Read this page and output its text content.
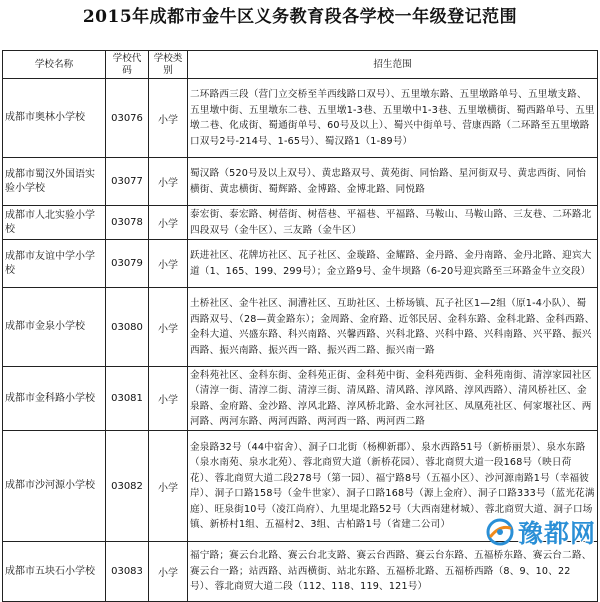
2015年成都市金牛区义务教育段各学校一年级登记范围
学校名称	学校代码	学校类别	招生范围
成都市奥林小学校	03076	小学	二环路西三段（营门立交桥至羊西线路口双号）、五里墩东路、五里墩路单号、五里墩支路、五里墩中街、五里墩东二巷、五里墩1-3巷、五里墩中1-3巷、五里墩横街、蜀西路单号、五里墩二巷、化成街、蜀通街单号、60号及以上）、蜀兴中街单号、营康西路（二环路至五里墩路口双号2号-214号、1-65号）、蜀汉路1（1-89号）
成都市蜀汉外国语实验小学校	03077	小学	蜀汉路（520号及以上双号）、黄忠路双号、黄苑街、同怡路、星河街双号、黄忠西街、同怡横街、黄忠横街、蜀辉路、金博路、金博北路、同悦路
成都市人北实验小学校	03078	小学	泰宏街、泰宏路、树蓓街、树蓓巷、平福巷、平福路、马鞍山、马鞍山路、三友巷、二环路北四段双号（金牛区）、三友路（金牛区）
成都市友谊中学小学校	03079	小学	跃进社区、花牌坊社区、瓦子社区、金璇路、金耀路、金丹路、金丹南路、金丹北路、迎宾大道（1、165、199、299号）；金立路9号、金牛坝路（6-20号迎宾路至三环路金牛立交段）
成都市金泉小学校	03080	小学	土桥社区、金牛社区、洞漕社区、互助社区、土桥场镇、瓦子社区1—2组（原1-4小队）、蜀西路双号、（28—黄金路东）；金周路、金府路、近邻民居、金科东路、金科北路、金科西路、金科大道、兴盛东路、科兴南路、兴馨西路、兴科北路、兴科中路、兴科南路、兴平路、振兴西路、振兴南路、振兴西一路、振兴西二路、振兴南一路
成都市金科路小学校	03081	小学	金科苑社区、金科东街、金科苑正街、金科苑中街、金科苑西街、金科苑南街、清淳家园社区（清淳一街、清淳二街、清淳三街、清凤路、清风路、淳风路、淳风西路）、清风桥社区、金泉路、金府路、金沙路、淳风北路、淳风桥北路、金水河社区、凤凰苑社区、何家堰社区、两河路、两河东路、两河西路、两河西一路、两河西二路
成都市沙河源小学校	03082	小学	金泉路32号（44中宿舍）、洞子口北街（杨柳新郡）、泉水西路51号（新桥丽景）、泉水东路（泉水南苑、泉水北苑）、蓉北商贸大道（新桥花园）、蓉北商贸大道一段168号（映日荷花）、蓉北商贸大道二段278号（第一园）、福宁路8号（五福小区）、沙河源南路1号（幸福彼岸）、洞子口路158号（金牛世家）、洞子口路168号（源上金府）、洞子口路333号（蓝光花满庭）、旺泉街10号（凌江尚府）、九里堤北路52号（大西南建材城）、蓉北商贸大道、洞子口场镇、新桥村1组、五福村2、3组、古柏路1号（省建二公司）
成都市五块石小学校	03083	小学	福宁路；赛云台北路、赛云台北支路、赛云台西路、赛云台东路、五福桥东路、赛云台二路、赛云台一路；站西路、站西横街、站北东路、五福桥北路、五福桥西路（8、9、10、22号）、蓉北商贸大道二段（112、118、119、121号）
豫都网
